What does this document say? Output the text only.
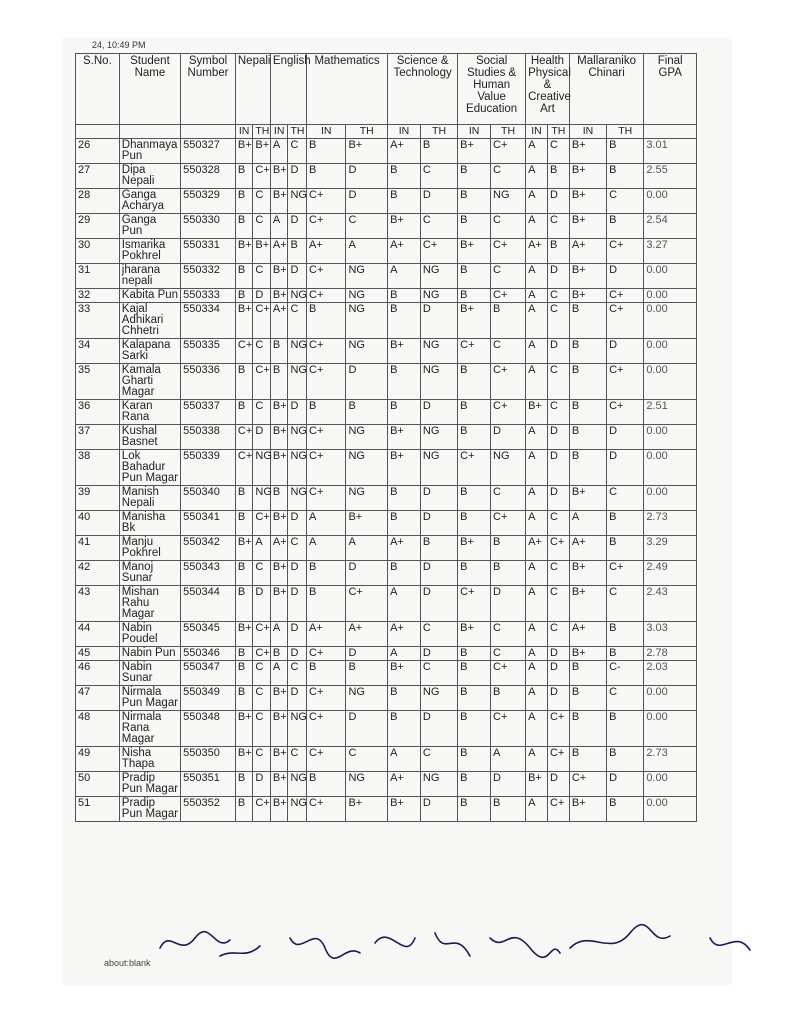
24, 10:49 PM
S.No.	Student Name	Symbol Number	Nepali		English		Mathematics		Science & Technology		Social Studies & Human Value Education		Health Physical & Creative Art		Mallaraniko Chinari		Final GPA
			IN	TH	IN	TH	IN	TH	IN	TH	IN	TH	IN	TH	IN	TH	
26	Dhanmaya Pun	550327	B+	B+	A	C	B	B+	A+	B	B+	C+	A	C	B+	B	3.01
27	Dipa Nepali	550328	B	C+	B+	D	B	D	B	C	B	C	A	B	B+	B	2.55
28	Ganga Acharya	550329	B	C	B+	NG	C+	D	B	D	B	NG	A	D	B+	C	0.00
29	Ganga Pun	550330	B	C	A	D	C+	C	B+	C	B	C	A	C	B+	B	2.54
30	Ismarika Pokhrel	550331	B+	B+	A+	B	A+	A	A+	C+	B+	C+	A+	B	A+	C+	3.27
31	jharana nepali	550332	B	C	B+	D	C+	NG	A	NG	B	C	A	D	B+	D	0.00
32	Kabita Pun	550333	B	D	B+	NG	C+	NG	B	NG	B	C+	A	C	B+	C+	0.00
33	Kajal Adhikari Chhetri	550334	B+	C+	A+	C	B	NG	B	D	B+	B	A	C	B	C+	0.00
34	Kalapana Sarki	550335	C+	C	B	NG	C+	NG	B+	NG	C+	C	A	D	B	D	0.00
35	Kamala Gharti Magar	550336	B	C+	B	NG	C+	D	B	NG	B	C+	A	C	B	C+	0.00
36	Karan Rana	550337	B	C	B+	D	B	B	B	D	B	C+	B+	C	B	C+	2.51
37	Kushal Basnet	550338	C+	D	B+	NG	C+	NG	B+	NG	B	D	A	D	B	D	0.00
38	Lok Bahadur Pun Magar	550339	C+	NG	B+	NG	C+	NG	B+	NG	C+	NG	A	D	B	D	0.00
39	Manish Nepali	550340	B	NG	B	NG	C+	NG	B	D	B	C	A	D	B+	C	0.00
40	Manisha Bk	550341	B	C+	B+	D	A	B+	B	D	B	C+	A	C	A	B	2.73
41	Manju Pokhrel	550342	B+	A	A+	C	A	A	A+	B	B+	B	A+	C+	A+	B	3.29
42	Manoj Sunar	550343	B	C	B+	D	B	D	B	D	B	B	A	C	B+	C+	2.49
43	Mishan Rahu Magar	550344	B	D	B+	D	B	C+	A	D	C+	D	A	C	B+	C	2.43
44	Nabin Poudel	550345	B+	C+	A	D	A+	A+	A+	C	B+	C	A	C	A+	B	3.03
45	Nabin Pun	550346	B	C+	B	D	C+	D	A	D	B	C	A	D	B+	B	2.78
46	Nabin Sunar	550347	B	C	A	C	B	B	B+	C	B	C+	A	D	B	C-	2.03
47	Nirmala Pun Magar	550349	B	C	B+	D	C+	NG	B	NG	B	B	A	D	B	C	0.00
48	Nirmala Rana Magar	550348	B+	C	B+	NG	C+	D	B	D	B	C+	A	C+	B	B	0.00
49	Nisha Thapa	550350	B+	C	B+	C	C+	C	A	C	B	A	A	C+	B	B	2.73
50	Pradip Pun Magar	550351	B	D	B+	NG	B	NG	A+	NG	B	D	B+	D	C+	D	0.00
51	Pradip Pun Magar	550352	B	C+	B+	NG	C+	B+	B+	D	B	B	A	C+	B+	B	0.00
about:blank
